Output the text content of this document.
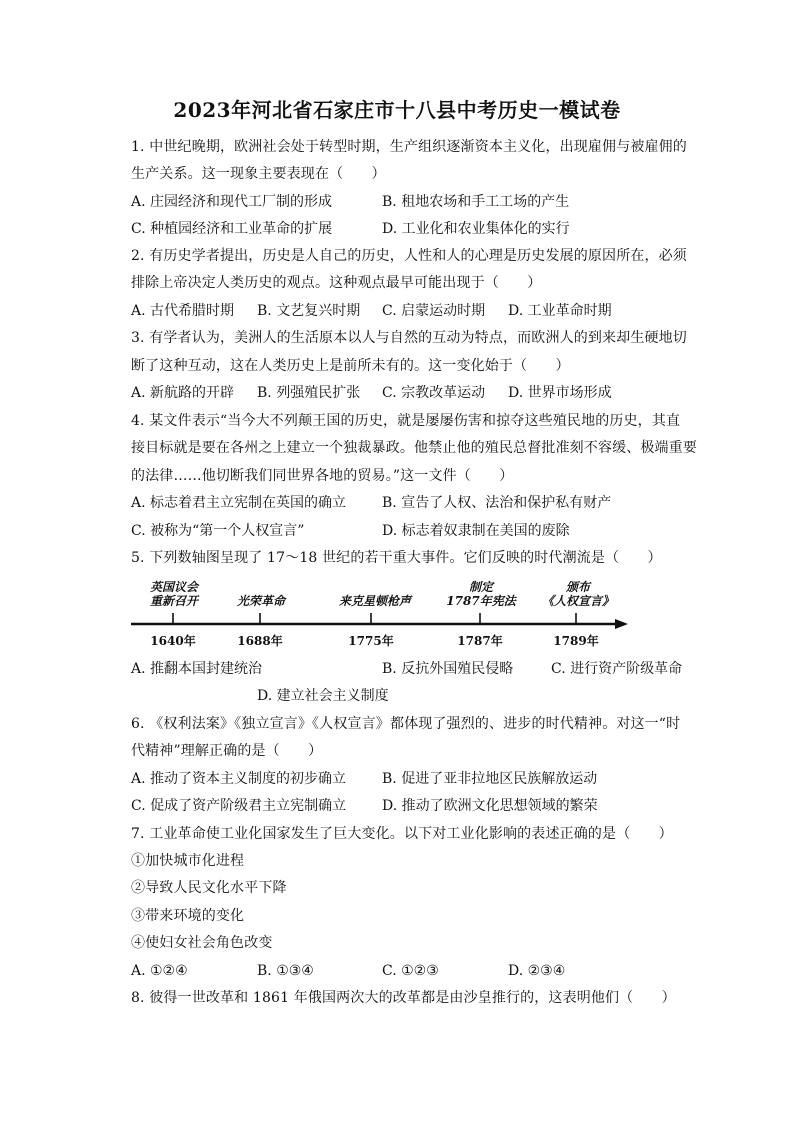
2023年河北省石家庄市十八县中考历史一模试卷
1. 中世纪晚期，欧洲社会处于转型时期，生产组织逐渐资本主义化，出现雇佣与被雇佣的
生产关系。这一现象主要表现在（　　）
A. 庄园经济和现代工厂制的形成	B. 租地农场和手工工场的产生
C. 种植园经济和工业革命的扩展	D. 工业化和农业集体化的实行
2. 有历史学者提出，历史是人自己的历史，人性和人的心理是历史发展的原因所在，必须
排除上帝决定人类历史的观点。这种观点最早可能出现于（　　）
A. 古代希腊时期 B. 文艺复兴时期 C. 启蒙运动时期 D. 工业革命时期
3. 有学者认为，美洲人的生活原本以人与自然的互动为特点，而欧洲人的到来却生硬地切
断了这种互动，这在人类历史上是前所未有的。这一变化始于（　　）
A. 新航路的开辟 B. 列强殖民扩张 C. 宗教改革运动 D. 世界市场形成
4. 某文件表示“当今大不列颠王国的历史，就是屡屡伤害和掠夺这些殖民地的历史，其直
接目标就是要在各州之上建立一个独裁暴政。他禁止他的殖民总督批准刻不容缓、极端重要
的法律……他切断我们同世界各地的贸易。”这一文件（　　）
A. 标志着君主立宪制在英国的确立	B. 宣告了人权、法治和保护私有财产
C. 被称为“第一个人权宣言”	D. 标志着奴隶制在美国的废除
5. 下列数轴图呈现了 17～18 世纪的若干重大事件。它们反映的时代潮流是（　　）
英国议会
重新召开
	光荣革命
	来克星顿枪声
制定
1787年宪法
颁布
《人权宣言》
1640年	1688年	1775年	1787年	1789年
A. 推翻本国封建统治	B. 反抗外国殖民侵略	C. 进行资产阶级革命
D. 建立社会主义制度
6. 《权利法案》《独立宣言》《人权宣言》都体现了强烈的、进步的时代精神。对这一“时
代精神”理解正确的是（　　）
A. 推动了资本主义制度的初步确立	B. 促进了亚非拉地区民族解放运动
C. 促成了资产阶级君主立宪制确立	D. 推动了欧洲文化思想领域的繁荣
7. 工业革命使工业化国家发生了巨大变化。以下对工业化影响的表述正确的是（　　）
①加快城市化进程
②导致人民文化水平下降
③带来环境的变化
④使妇女社会角色改变
A. ①②④	B. ①③④	C. ①②③	D. ②③④
8. 彼得一世改革和 1861 年俄国两次大的改革都是由沙皇推行的，这表明他们（　　）
